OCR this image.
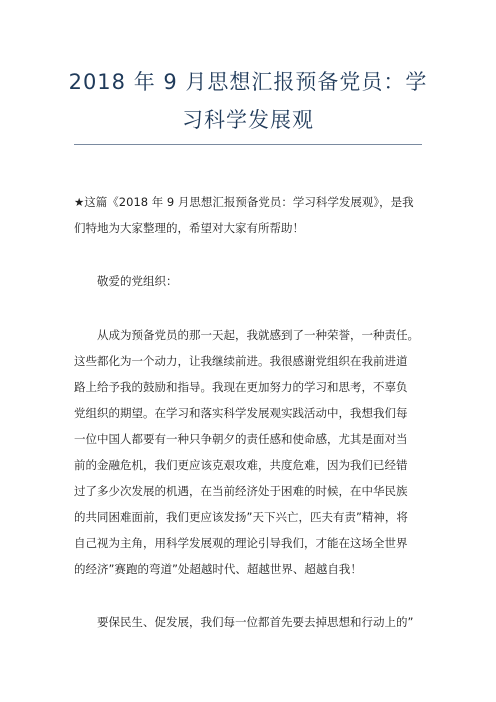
2018 年 9 月思想汇报预备党员：学
习科学发展观
★这篇《2018 年 9 月思想汇报预备党员：学习科学发展观》，是我
们特地为大家整理的，希望对大家有所帮助！
敬爱的党组织：
从成为预备党员的那一天起，我就感到了一种荣誉，一种责任。
这些都化为一个动力，让我继续前进。我很感谢党组织在我前进道
路上给予我的鼓励和指导。我现在更加努力的学习和思考，不辜负
党组织的期望。在学习和落实科学发展观实践活动中，我想我们每
一位中国人都要有一种只争朝夕的责任感和使命感，尤其是面对当
前的金融危机，我们更应该克艰攻难，共度危难，因为我们已经错
过了多少次发展的机遇，在当前经济处于困难的时候，在中华民族
的共同困难面前，我们更应该发扬”天下兴亡，匹夫有责”精神，将
自己视为主角，用科学发展观的理论引导我们，才能在这场全世界
的经济”赛跑的弯道”处超越时代、超越世界、超越自我！
要保民生、促发展，我们每一位都首先要去掉思想和行动上的”
